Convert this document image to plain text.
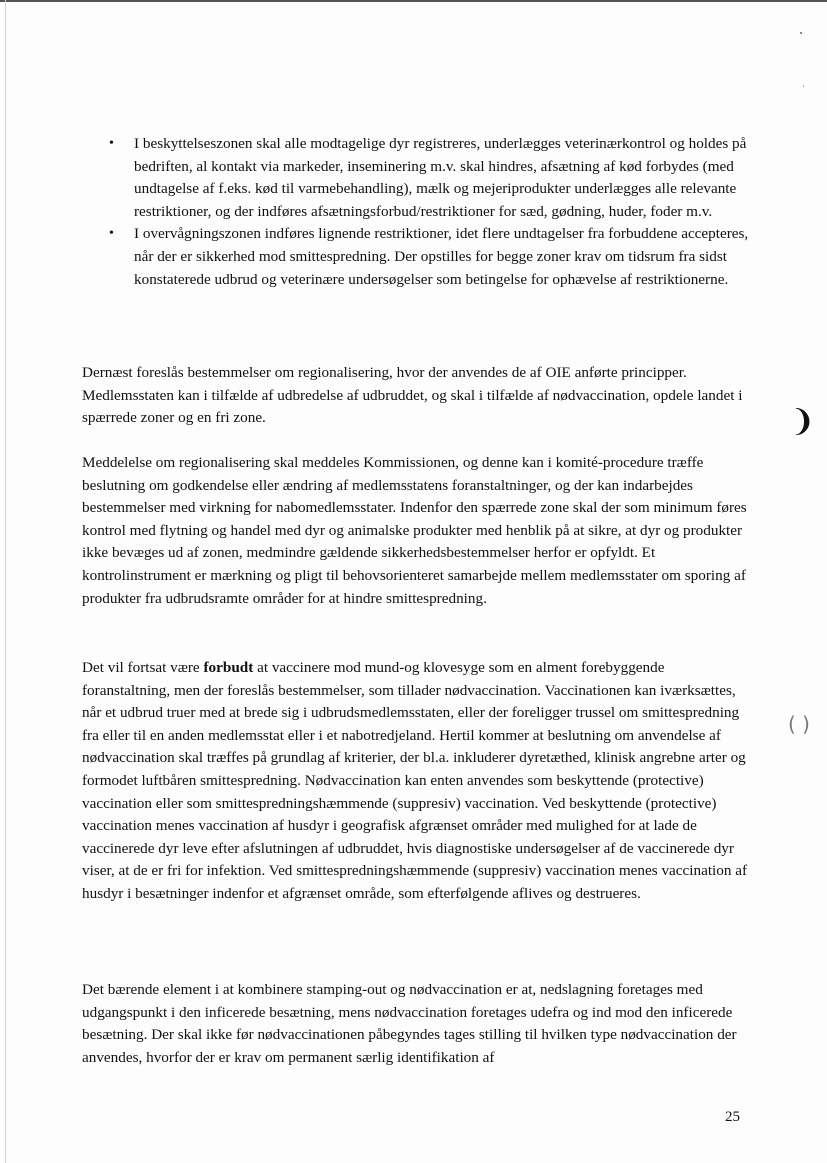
• I beskyttelseszonen skal alle modtagelige dyr registreres, underlægges veterinærkontrol og holdes på bedriften, al kontakt via markeder, inseminering m.v. skal hindres, afsætning af kød forbydes (med undtagelse af f.eks. kød til varmebehandling), mælk og mejeriprodukter underlægges alle relevante restriktioner, og der indføres afsætningsforbud/restriktioner for sæd, gødning, huder, foder m.v.
• I overvågningszonen indføres lignende restriktioner, idet flere undtagelser fra forbuddene accepteres, når der er sikkerhed mod smittespredning. Der opstilles for begge zoner krav om tidsrum fra sidst konstaterede udbrud og veterinære undersøgelser som betingelse for ophævelse af restriktionerne.

Dernæst foreslås bestemmelser om regionalisering, hvor der anvendes de af OIE anførte principper. Medlemsstaten kan i tilfælde af udbredelse af udbruddet, og skal i tilfælde af nødvaccination, opdele landet i spærrede zoner og en fri zone.

Meddelelse om regionalisering skal meddeles Kommissionen, og denne kan i komité-procedure træffe beslutning om godkendelse eller ændring af medlemsstatens foranstaltninger, og der kan indarbejdes bestemmelser med virkning for nabomedlemsstater. Indenfor den spærrede zone skal der som minimum føres kontrol med flytning og handel med dyr og animalske produkter med henblik på at sikre, at dyr og produkter ikke bevæges ud af zonen, medmindre gældende sikkerhedsbestemmelser herfor er opfyldt. Et kontrolinstrument er mærkning og pligt til behovsorienteret samarbejde mellem medlemsstater om sporing af produkter fra udbrudsramte områder for at hindre smittespredning.

Det vil fortsat være forbudt at vaccinere mod mund-og klovesyge som en alment forebyggende foranstaltning, men der foreslås bestemmelser, som tillader nødvaccination. Vaccinationen kan iværksættes, når et udbrud truer med at brede sig i udbrudsmedlemsstaten, eller der foreligger trussel om smittespredning fra eller til en anden medlemsstat eller i et nabotredjeland. Hertil kommer at beslutning om anvendelse af nødvaccination skal træffes på grundlag af kriterier, der bl.a. inkluderer dyretæthed, klinisk angrebne arter og formodet luftbåren smittespredning. Nødvaccination kan enten anvendes som beskyttende (protective) vaccination eller som smittespredningshæmmende (suppresiv) vaccination. Ved beskyttende (protective) vaccination menes vaccination af husdyr i geografisk afgrænset områder med mulighed for at lade de vaccinerede dyr leve efter afslutningen af udbruddet, hvis diagnostiske undersøgelser af de vaccinerede dyr viser, at de er fri for infektion. Ved smittespredningshæmmende (suppresiv) vaccination menes vaccination af husdyr i besætninger indenfor et afgrænset område, som efterfølgende aflives og destrueres.

Det bærende element i at kombinere stamping-out og nødvaccination er at, nedslagning foretages med udgangspunkt i den inficerede besætning, mens nødvaccination foretages udefra og ind mod den inficerede besætning. Der skal ikke før nødvaccinationen påbegyndes tages stilling til hvilken type nødvaccination der anvendes, hvorfor der er krav om permanent særlig identifikation af

❩
( )
25
